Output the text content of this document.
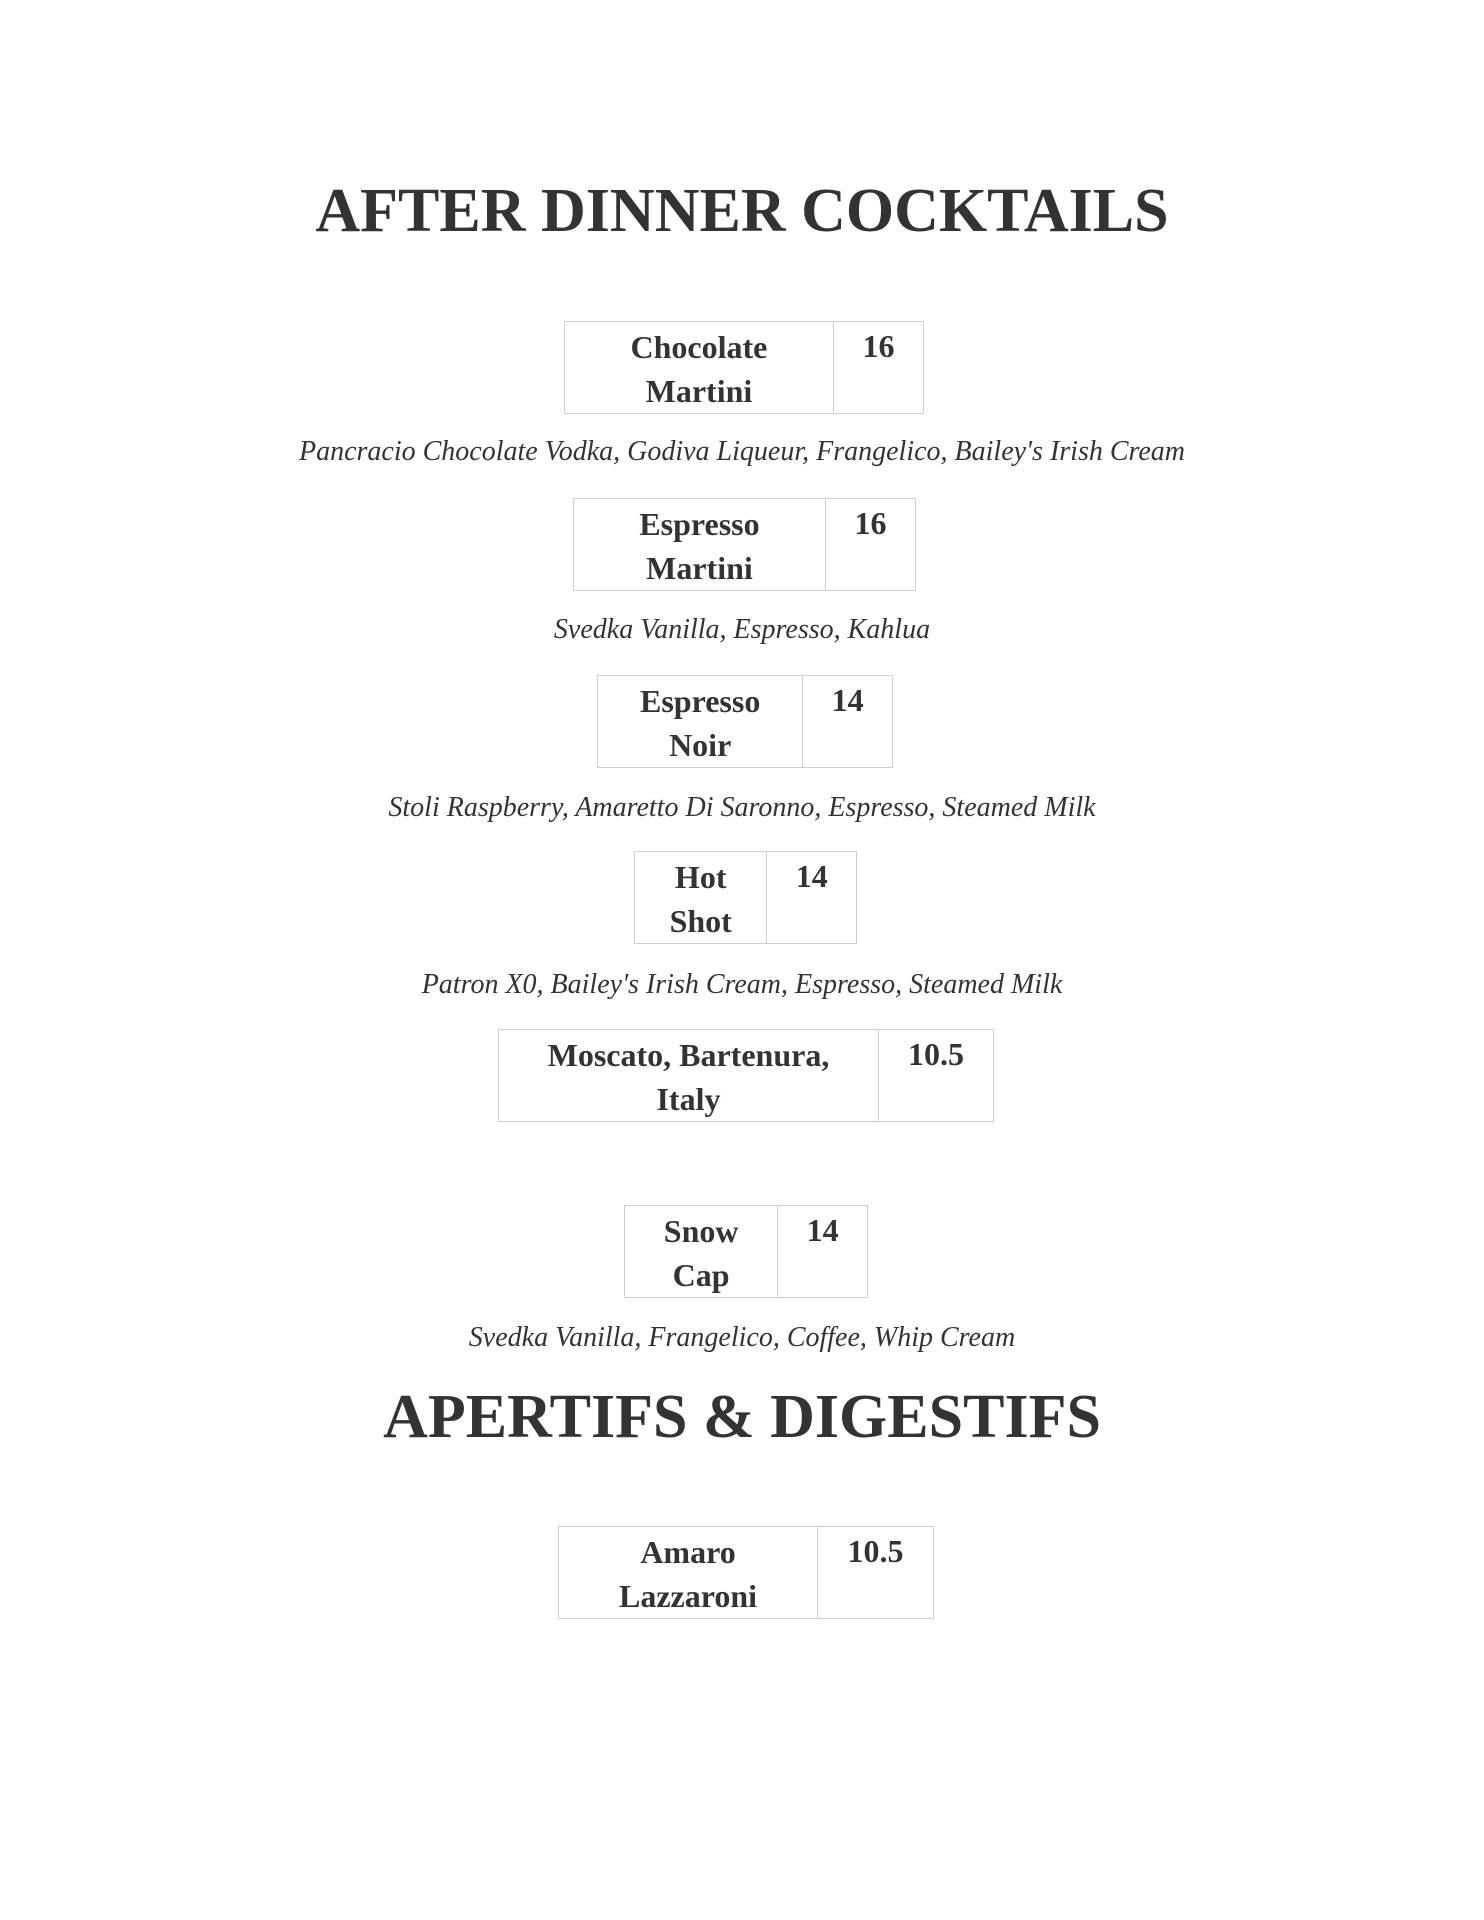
AFTER DINNER COCKTAILS
Chocolate Martini
	16

Pancracio Chocolate Vodka, Godiva Liqueur, Frangelico, Bailey's Irish Cream

Espresso Martini
	16

Svedka Vanilla, Espresso, Kahlua

Espresso Noir
	14

Stoli Raspberry, Amaretto Di Saronno, Espresso, Steamed Milk

Hot Shot
	14

Patron X0, Bailey's Irish Cream, Espresso, Steamed Milk

Moscato, Bartenura, Italy
	10.5
Snow Cap
	14

Svedka Vanilla, Frangelico, Coffee, Whip Cream

APERTIFS & DIGESTIFS
Amaro Lazzaroni
	10.5
